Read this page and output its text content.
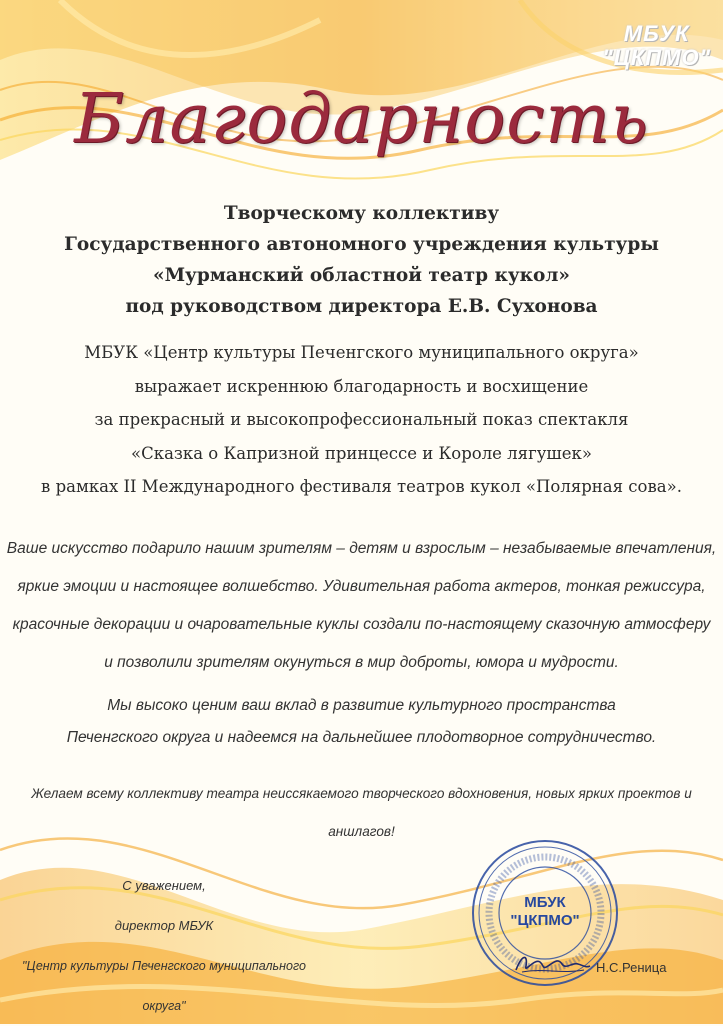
МБУК
"ЦКПМО"
Благодарность
Творческому коллективу
Государственного автономного учреждения культуры
«Мурманский областной театр кукол»
под руководством директора Е.В. Сухонова
МБУК «Центр культуры Печенгского муниципального округа»
выражает искреннюю благодарность и восхищение
за прекрасный и высокопрофессиональный показ спектакля
«Сказка о Капризной принцессе и Короле лягушек»
в рамках II Международного фестиваля театров кукол «Полярная сова».
Ваше искусство подарило нашим зрителям – детям и взрослым – незабываемые впечатления,
яркие эмоции и настоящее волшебство. Удивительная работа актеров, тонкая режиссура,
красочные декорации и очаровательные куклы создали по-настоящему сказочную атмосферу
и позволили зрителям окунуться в мир доброты, юмора и мудрости.
Мы высоко ценим ваш вклад в развитие культурного пространства
Печенгского округа и надеемся на дальнейшее плодотворное сотрудничество.
Желаем всему коллективу театра неиссякаемого творческого вдохновения, новых ярких проектов и аншлагов!
С уважением,
директор МБУК
"Центр культуры Печенгского муниципального округа"
МБУК
"ЦКПМО"
Н.С.Реница
